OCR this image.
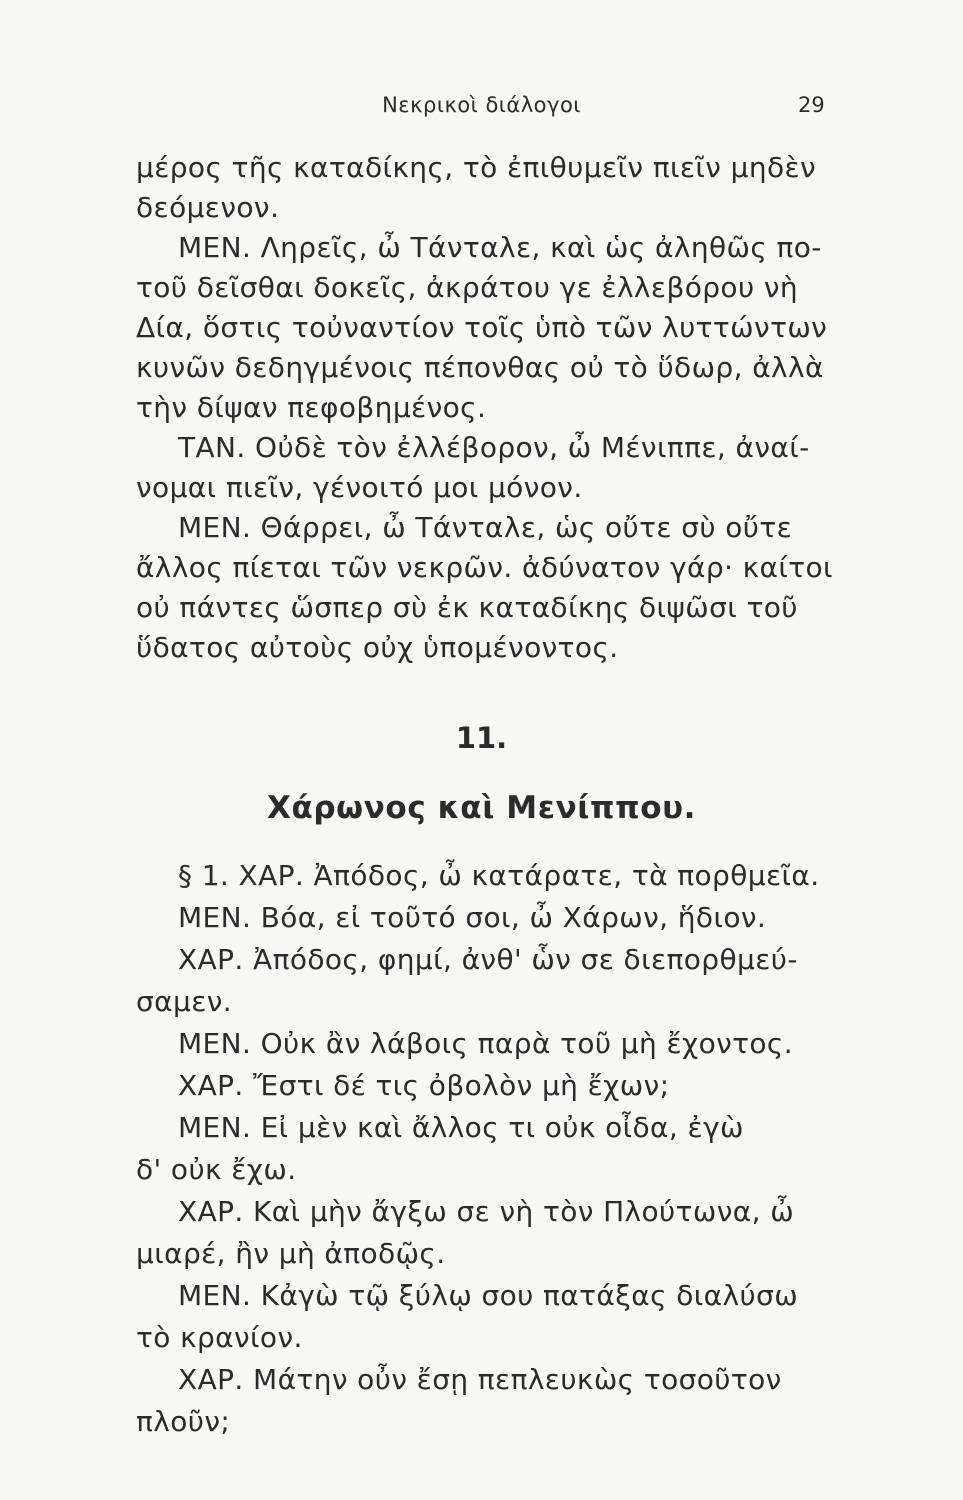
Νεκρικοὶ διάλογοι	29
μέρος τῆς καταδίκης, τὸ ἐπιθυμεῖν πιεῖν μηδὲν
δεόμενον.
ΜΕΝ. Ληρεῖς, ὦ Τάνταλε, καὶ ὡς ἀληθῶς πο-
τοῦ δεῖσθαι δοκεῖς, ἀκράτου γε ἐλλεβόρου νὴ
Δία, ὅστις τοὐναντίον τοῖς ὑπὸ τῶν λυττώντων
κυνῶν δεδηγμένοις πέπονθας οὐ τὸ ὕδωρ, ἀλλὰ
τὴν δίψαν πεφοβημένος.
ΤΑΝ. Οὐδὲ τὸν ἐλλέβορον, ὦ Μένιππε, ἀναί-
νομαι πιεῖν, γένοιτό μοι μόνον.
ΜΕΝ. Θάρρει, ὦ Τάνταλε, ὡς οὔτε σὺ οὔτε
ἄλλος πίεται τῶν νεκρῶν. ἀδύνατον γάρ· καίτοι
οὐ πάντες ὥσπερ σὺ ἐκ καταδίκης διψῶσι τοῦ
ὕδατος αὐτοὺς οὐχ ὑπομένοντος.
11.
Χάρωνος καὶ Μενίππου.
§ 1. ΧΑΡ. Ἀπόδος, ὦ κατάρατε, τὰ πορθμεῖα.
ΜΕΝ. Βόα, εἰ τοῦτό σοι, ὦ Χάρων, ἥδιον.
ΧΑΡ. Ἀπόδος, φημί, ἀνθ' ὧν σε διεπορθμεύ-
σαμεν.
ΜΕΝ. Οὐκ ἂν λάβοις παρὰ τοῦ μὴ ἔχοντος.
ΧΑΡ. Ἔστι δέ τις ὀβολὸν μὴ ἔχων;
ΜΕΝ. Εἰ μὲν καὶ ἄλλος τι οὐκ οἶδα, ἐγὼ
δ' οὐκ ἔχω.
ΧΑΡ. Καὶ μὴν ἄγξω σε νὴ τὸν Πλούτωνα, ὦ
μιαρέ, ἢν μὴ ἀποδῷς.
ΜΕΝ. Κἀγὼ τῷ ξύλῳ σου πατάξας διαλύσω
τὸ κρανίον.
ΧΑΡ. Μάτην οὖν ἔσῃ πεπλευκὼς τοσοῦτον
πλοῦν;
